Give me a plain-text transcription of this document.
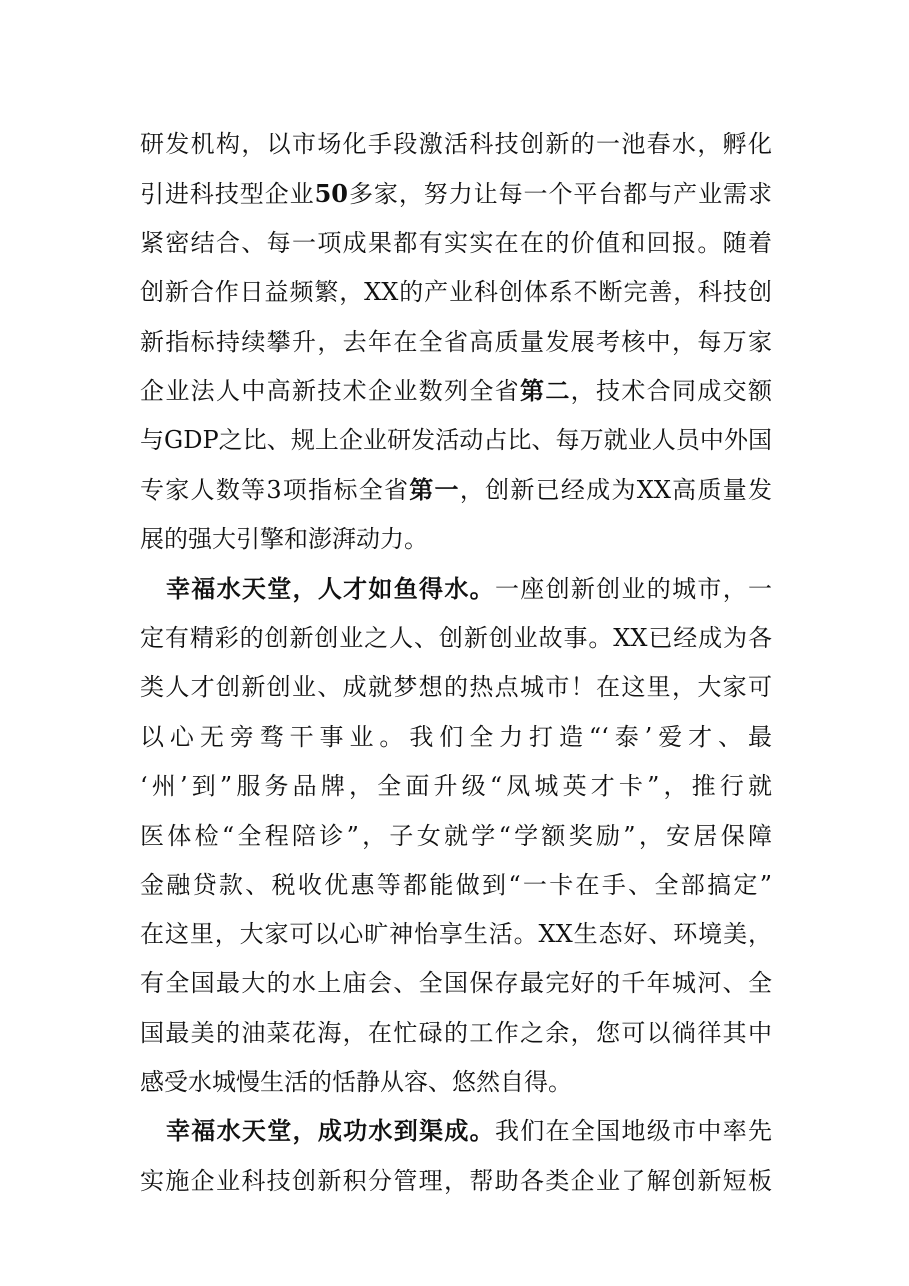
研发机构，以市场化手段激活科技创新的一池春水，孵化
引进科技型企业50多家，努力让每一个平台都与产业需求
紧密结合、每一项成果都有实实在在的价值和回报。随着
创新合作日益频繁，XX的产业科创体系不断完善，科技创
新指标持续攀升，去年在全省高质量发展考核中，每万家
企业法人中高新技术企业数列全省第二，技术合同成交额
与GDP之比、规上企业研发活动占比、每万就业人员中外国
专家人数等3项指标全省第一，创新已经成为XX高质量发
展的强大引擎和澎湃动力。
幸福水天堂，人才如鱼得水。一座创新创业的城市，一
定有精彩的创新创业之人、创新创业故事。XX已经成为各
类人才创新创业、成就梦想的热点城市！在这里，大家可
以心无旁骛干事业。我们全力打造“‘泰’爱才、最
‘州’到”服务品牌，全面升级“凤城英才卡”，推行就
医体检“全程陪诊”，子女就学“学额奖励”，安居保障
金融贷款、税收优惠等都能做到“一卡在手、全部搞定”
在这里，大家可以心旷神怡享生活。XX生态好、环境美，
有全国最大的水上庙会、全国保存最完好的千年城河、全
国最美的油菜花海，在忙碌的工作之余，您可以徜徉其中
感受水城慢生活的恬静从容、悠然自得。
幸福水天堂，成功水到渠成。我们在全国地级市中率先
实施企业科技创新积分管理，帮助各类企业了解创新短板
